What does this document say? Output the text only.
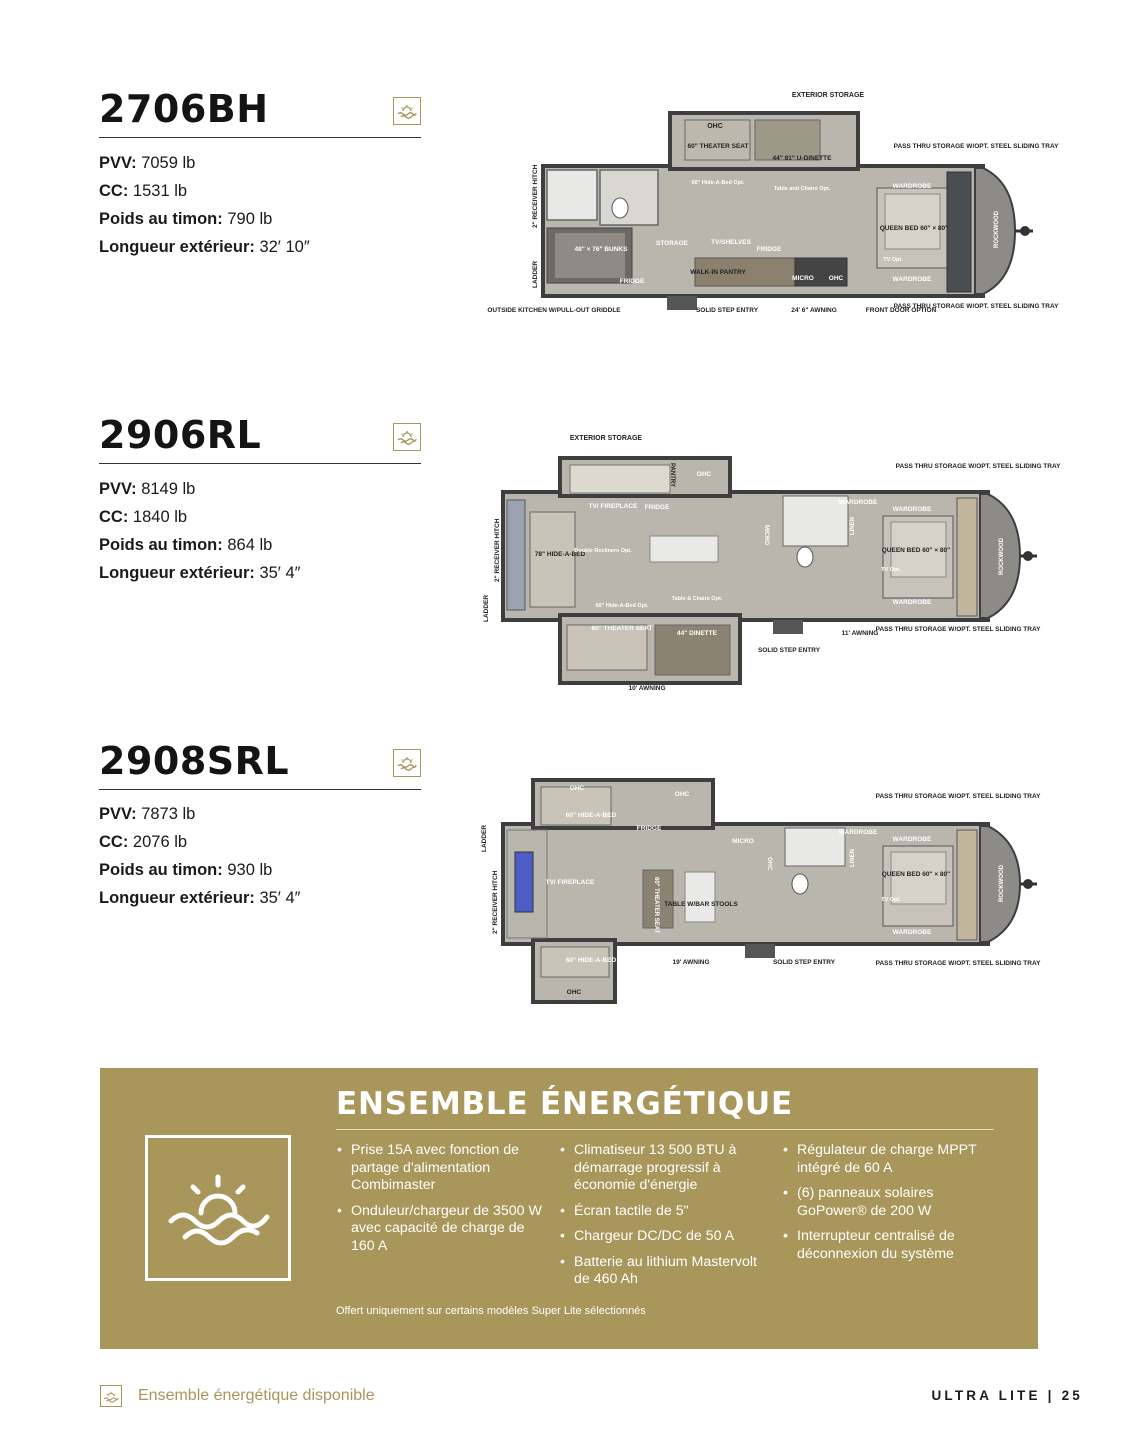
2706BH
PVV: 7059 lb
CC: 1531 lb
Poids au timon: 790 lb
Longueur extérieur: 32′ 10″
EXTERIOR STORAGE
OHC
60" THEATER SEAT
44" 81" U-DINETTE
60" Hide-A-Bed Opt.
Table and Chairs Opt.
PASS THRU STORAGE W/OPT. STEEL SLIDING TRAY
WARDROBE
QUEEN BED 60" × 80"
TV Opt.
WARDROBE
48" × 76" BUNKS
STORAGE	TV/SHELVES
FRIDGE
FRIDGE
WALK-IN PANTRY
MICRO OHC
OUTSIDE KITCHEN W/PULL-OUT GRIDDLE	SOLID STEP ENTRY	24' 6" AWNING	FRONT DOOR OPTION
PASS THRU STORAGE W/OPT. STEEL SLIDING TRAY
2" RECEIVER HITCH
LADDER
ROCKWOOD
2906RL
PVV: 8149 lb
CC: 1840 lb
Poids au timon: 864 lb
Longueur extérieur: 35′ 4″
EXTERIOR STORAGE
PANTRY	OHC
TV/ FIREPLACE FRIDGE
WARDROBE
WARDROBE
QUEEN BED 60" × 80"
TV Opt.
WARDROBE
78" HIDE-A-BED
Double Recliners Opt.
60" Hide-A-Bed Opt.
Table & Chairs Opt.
60" THEATER SEAT
44" DINETTE
10' AWNING
11' AWNING
SOLID STEP ENTRY
PASS THRU STORAGE W/OPT. STEEL SLIDING TRAY
PASS THRU STORAGE W/OPT. STEEL SLIDING TRAY
2" RECEIVER HITCH
LADDER
MICRO	LINEN
ROCKWOOD
2908SRL
PVV: 7873 lb
CC: 2076 lb
Poids au timon: 930 lb
Longueur extérieur: 35′ 4″
OHC
OHC
60" HIDE-A-BED
FRIDGE
MICRO
WARDROBE
WARDROBE
QUEEN BED 60" × 80"
TV Opt.
WARDROBE
TV/ FIREPLACE
TABLE W/BAR STOOLS
60" HIDE-A-BED
OHC
19' AWNING	SOLID STEP ENTRY
PASS THRU STORAGE W/OPT. STEEL SLIDING TRAY
PASS THRU STORAGE W/OPT. STEEL SLIDING TRAY
LADDER
2" RECEIVER HITCH	60" THEATER SEAT
OHC	LINEN
ROCKWOOD
ENSEMBLE ÉNERGÉTIQUE
• Prise 15A avec fonction de partage d'alimentation Combimaster
• Onduleur/chargeur de 3500 W avec capacité de charge de 160 A
• Climatiseur 13 500 BTU à démarrage progressif à économie d'énergie
• Écran tactile de 5"
• Chargeur DC/DC de 50 A
• Batterie au lithium Mastervolt de 460 Ah
• Régulateur de charge MPPT intégré de 60 A
• (6) panneaux solaires GoPower® de 200 W
• Interrupteur centralisé de déconnexion du système

Offert uniquement sur certains modèles Super Lite sélectionnés

Ensemble énergétique disponible	ULTRA LITE | 25
